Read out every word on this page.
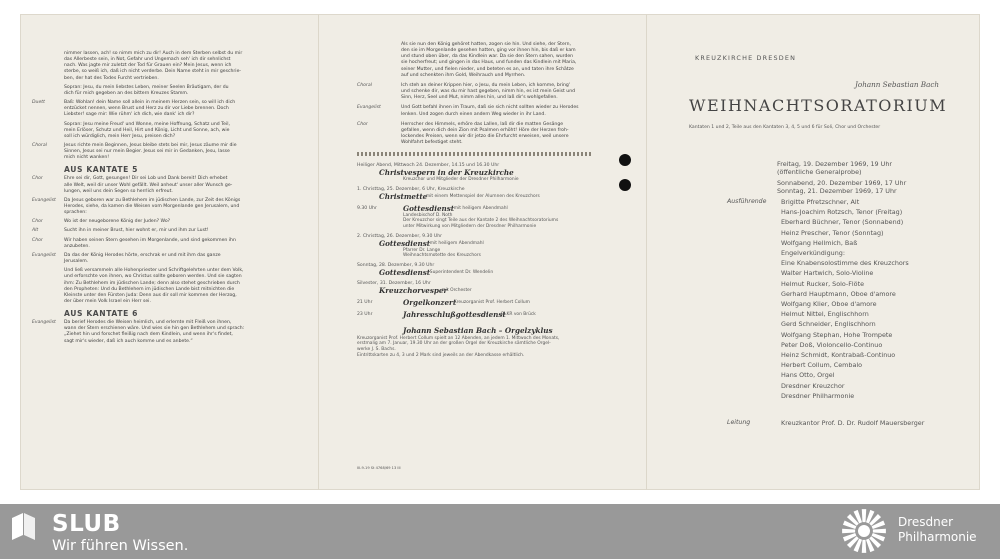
nimmer lassen, ach! so nimm mich zu dir! Auch in dem Sterben selbst du mir
das Allerbeste sein, in Not, Gefahr und Ungemach seh' ich dir sehnlichst
nach. Was jagte mir zuletzt der Tod für Grauen ein? Mein Jesus, wenn ich
sterbe, so weiß ich, daß ich nicht verderbe. Dein Name steht in mir geschrie-
ben, der hat des Todes Furcht vertrieben.
Sopran: Jesu, du mein liebstes Leben, meiner Seelen Bräutigam, der du
dich für mich gegeben an des bittern Kreuzes Stamm.
Duett	Baß: Wohlan! dein Name soll allein in meinem Herzen sein, so will ich dich
entzücket nennen, wenn Brust und Herz zu dir vor Liebe brennen. Doch
Liebster! sage mir: Wie rühm' ich dich, wie dank' ich dir?
Sopran: Jesu meine Freud' und Wonne, meine Hoffnung, Schatz und Teil,
mein Erlöser, Schutz und Heil, Hirt und König, Licht und Sonne, ach, wie
soll ich würdiglich, mein Herr Jesu, preisen dich?
Choral	Jesus richte mein Beginnen, Jesus bleibe stets bei mir, Jesus zäume mir die
Sinnen, Jesus sei nur mein Begier. Jesus sei mir in Gedanken, Jesu, lasse
mich nicht wanken!
AUS KANTATE 5
Chor	Ehre sei dir, Gott, gesungen! Dir sei Lob und Dank bereit! Dich erhebet
alle Welt, weil dir unser Wohl gefällt. Weil anheut' unser aller Wunsch ge-
lungen, weil uns dein Segen so herrlich erfreut.
Evangelist Da Jesus geboren war zu Bethlehem im jüdischen Lande, zur Zeit des Königs
Herodes, siehe, da kamen die Weisen vom Morgenlande gen Jerusalem, und
sprachen:
Chor	Wo ist der neugeborene König der Juden? Wo?
Alt	Sucht ihn in meiner Brust, hier wohnt er, mir und ihm zur Lust!
Chor	Wir haben seinen Stern gesehen im Morgenlande, und sind gekommen ihn
anzubeten.
Evangelist Da das der König Herodes hörte, erschrak er und mit ihm das ganze
Jerusalem.
Und ließ versammeln alle Hohenpriester und Schriftgelehrten unter dem Volk,
und erforschte von ihnen, wo Christus sollte geboren werden. Und sie sagten
ihm: Zu Bethlehem im jüdischen Lande; denn also stehet geschrieben durch
den Propheten: Und du Bethlehem im jüdischen Lande bist mitnichten die
Kleinste unter den Fürsten Juda: Denn aus dir soll mir kommen der Herzog,
der über mein Volk Israel ein Herr sei.
AUS KANTATE 6
Evangelist Da berief Herodes die Weisen heimlich, und erlernte mit Fleiß von ihnen,
wann der Stern erschienen wäre. Und wies sie hin gen Bethlehem und sprach:
„Ziehet hin und forschet fleißig nach dem Kindlein, und wenn ihr's findet,
sagt mir's wieder, daß ich auch komme und es anbete.“
Als sie nun den König gehöret hatten, zogen sie hin. Und siehe, der Stern,
den sie im Morgenlande gesehen hatten, ging vor ihnen hin, bis daß er kam
und stund oben über, da das Kindlein war. Da sie den Stern sahen, wurden
sie hocherfreut; und gingen in das Haus, und funden das Kindlein mit Maria,
seiner Mutter, und fielen nieder, und beteten es an, und taten ihre Schätze
auf und schenkten ihm Gold, Weihrauch und Myrrhen.
Choral	Ich steh an deiner Krippen hier, o Jesu, du mein Leben, ich komme, bring'
und schenke dir, was du mir hast gegeben, nimm hin, es ist mein Geist und
Sinn, Herz, Seel und Mut, nimm alles hin, und laß dir's wohlgefallen.
Evangelist	Und Gott befahl ihnen im Traum, daß sie sich nicht sollten wieder zu Herodes
lenken. Und zogen durch einen andern Weg wieder in ihr Land.
Chor	Herrscher des Himmels, erhöre das Lallen, laß dir die matten Gesänge
gefallen, wenn dich dein Zion mit Psalmen erhöht! Höre der Herzen froh-
lockendes Preisen, wenn wir dir jetzo die Ehrfurcht erweisen, weil unsere
Wohlfahrt befestiget steht.
Heiliger Abend, Mittwoch 24. Dezember, 14.15 und 16.30 Uhr
Christvespern in der Kreuzkirche
Kreuzchor und Mitglieder der Dresdner Philharmonie
1. Christtag, 25. Dezember, 6 Uhr, Kreuzkirche
Christmette
mit einem Mettenspiel der Alumnen des Kreuzchors
9.30 Uhr	Gottesdienst mit heiligem Abendmahl
Landesbischof D. Noth
Der Kreuzchor singt Teile aus der Kantate 2 des Weihnachtsoratoriums
unter Mitwirkung von Mitgliedern der Dresdner Philharmonie
2. Christtag, 26. Dezember, 9.30 Uhr
Gottesdienst mit heiligem Abendmahl
Pfarrer Dr. Lange
Weihnachtsmotette des Kreuzchors
Sonntag, 28. Dezember, 9.30 Uhr
Gottesdienst Superintendent Dr. Wendelin
Silvester, 31. Dezember, 16 Uhr
Kreuzchorvesper
mit Orchester
21 Uhr	Orgelkonzert
Kreuzorganist Prof. Herbert Collum
23 Uhr	Jahresschlußgottesdienst
OLKR von Brück
Johann Sebastian Bach – Orgelzyklus
Kreuzorganist Prof. Herbert Collum spielt an 12 Abenden, an jedem 1. Mittwoch des Monats,
erstmalig am 7. Januar, 19.30 Uhr an der großen Orgel der Kreuzkirche sämtliche Orgel-
werke J. S. Bachs.
Eintrittskarten zu 4, 3 und 2 Mark sind jeweils an der Abendkasse erhältlich.
III-9-19 St 4768/69 13 III
KREUZKIRCHE DRESDEN
Johann Sebastian Bach
WEIHNACHTSORATORIUM
Kantaten 1 und 2, Teile aus den Kantaten 3, 4, 5 und 6 für Soli, Chor und Orchester
Freitag, 19. Dezember 1969, 19 Uhr
(öffentliche Generalprobe)
Sonnabend, 20. Dezember 1969, 17 Uhr
Sonntag, 21. Dezember 1969, 17 Uhr
Ausführende Brigitte Pfretzschner, Alt
Hans-Joachim Rotzsch, Tenor (Freitag)
Eberhard Büchner, Tenor (Sonnabend)
Heinz Prescher, Tenor (Sonntag)
Wolfgang Hellmich, Baß
Engelverkündigung:
Eine Knabensolostimme des Kreuzchors
Walter Hartwich, Solo-Violine
Helmut Rucker, Solo-Flöte
Gerhard Hauptmann, Oboe d'amore
Wolfgang Klier, Oboe d'amore
Helmut Nittel, Englischhorn
Gerd Schneider, Englischhorn
Wolfgang Stephan, Hohe Trompete
Peter Doß, Violoncello-Continuo
Heinz Schmidt, Kontrabaß-Continuo
Herbert Collum, Cembalo
Hans Otto, Orgel
Dresdner Kreuzchor
Dresdner Philharmonie
Leitung	Kreuzkantor Prof. D. Dr. Rudolf Mauersberger
SLUB
Wir führen Wissen.
Dresdner
Philharmonie
